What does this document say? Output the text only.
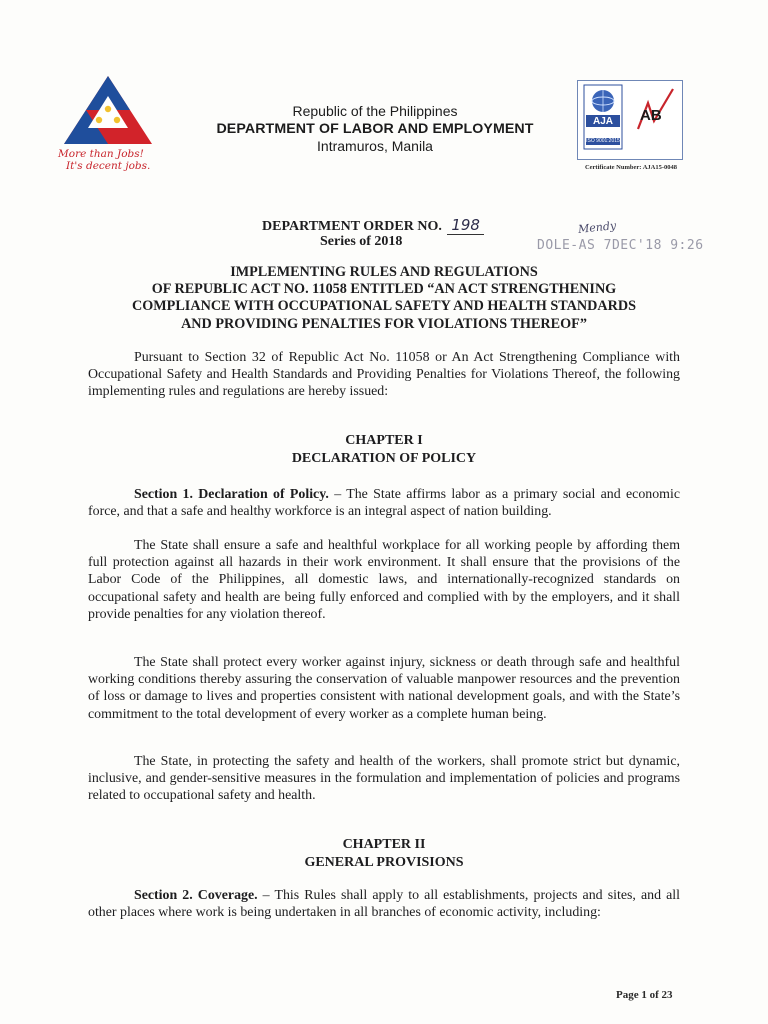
More than Jobs!
It's decent jobs.
Republic of the Philippines
DEPARTMENT OF LABOR AND EMPLOYMENT
Intramuros, Manila
AJA
ISO 9001:2015
AB
Certificate Number: AJA15-0048
DEPARTMENT ORDER NO. 198
Series of 2018
Mendy
DOLE-AS 7DEC'18 9:26
IMPLEMENTING RULES AND REGULATIONS
OF REPUBLIC ACT NO. 11058 ENTITLED “AN ACT STRENGTHENING
COMPLIANCE WITH OCCUPATIONAL SAFETY AND HEALTH STANDARDS
AND PROVIDING PENALTIES FOR VIOLATIONS THEREOF”

Pursuant to Section 32 of Republic Act No. 11058 or An Act Strengthening Compliance with Occupational Safety and Health Standards and Providing Penalties for Violations Thereof, the following implementing rules and regulations are hereby issued:

CHAPTER I
DECLARATION OF POLICY

Section 1. Declaration of Policy. – The State affirms labor as a primary social and economic force, and that a safe and healthy workforce is an integral aspect of nation building.

The State shall ensure a safe and healthful workplace for all working people by affording them full protection against all hazards in their work environment. It shall ensure that the provisions of the Labor Code of the Philippines, all domestic laws, and internationally-recognized standards on occupational safety and health are being fully enforced and complied with by the employers, and it shall provide penalties for any violation thereof.

The State shall protect every worker against injury, sickness or death through safe and healthful working conditions thereby assuring the conservation of valuable manpower resources and the prevention of loss or damage to lives and properties consistent with national development goals, and with the State’s commitment to the total development of every worker as a complete human being.

The State, in protecting the safety and health of the workers, shall promote strict but dynamic, inclusive, and gender-sensitive measures in the formulation and implementation of policies and programs related to occupational safety and health.

CHAPTER II
GENERAL PROVISIONS

Section 2. Coverage. – This Rules shall apply to all establishments, projects and sites, and all other places where work is being undertaken in all branches of economic activity, including:

Page 1 of 23
